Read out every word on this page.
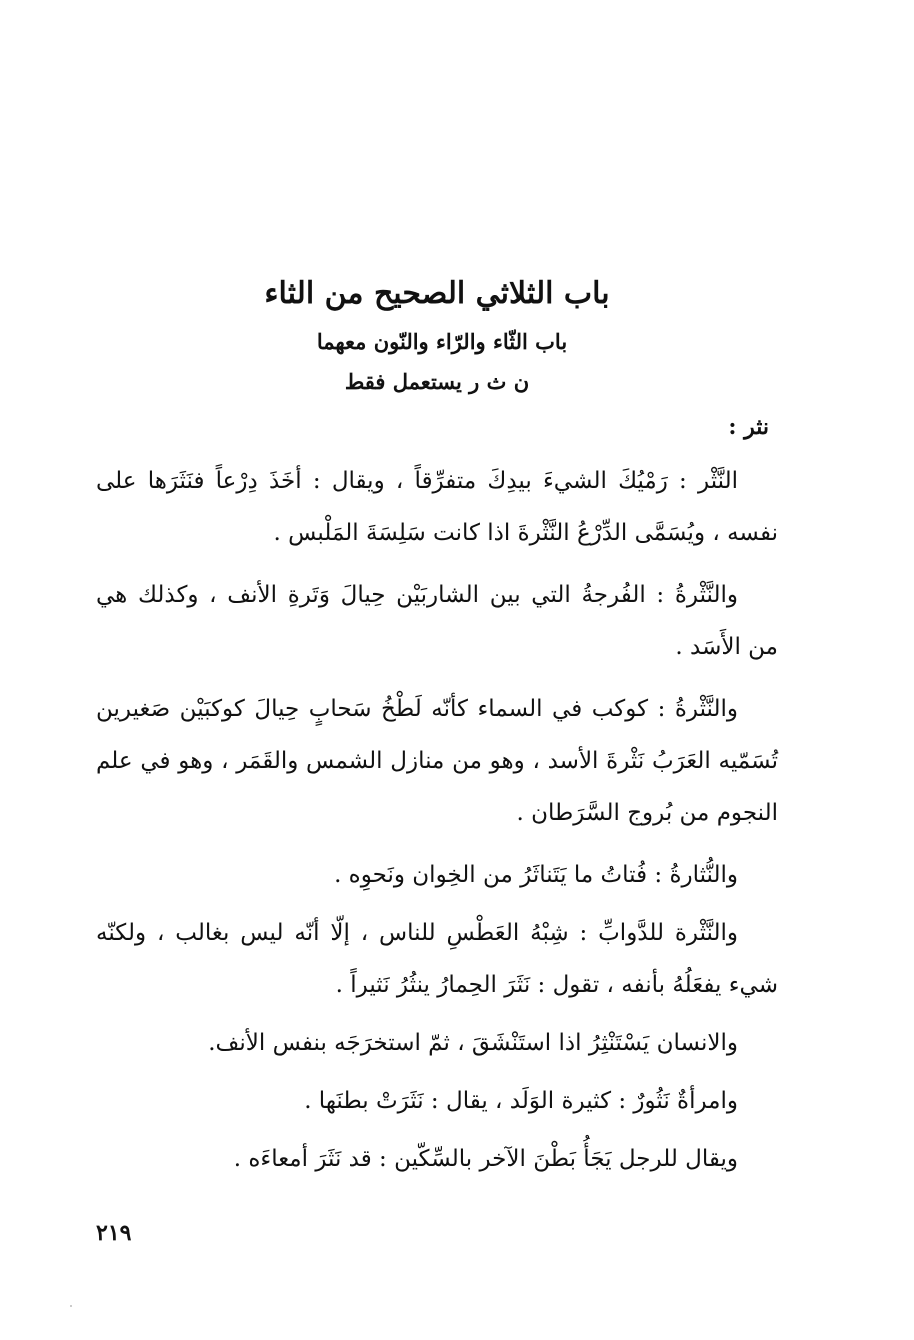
باب الثلاثي الصحيح من الثاء
باب الثّاء والرّاء والنّون معهما
ن ث ر يستعمل فقط
نثر :

النَّثْر : رَمْيُكَ الشيءَ بيدِكَ متفرِّقاً ، ويقال : أخَذَ دِرْعاً فنَثَرَها على نفسه ، ويُسَمَّى الدِّرْعُ النَّثْرةَ اذا كانت سَلِسَةَ المَلْبس .

والنَّثْرةُ : الفُرجةُ التي بين الشاربَيْن حِيالَ وَتَرةِ الأنف ، وكذلك هي من الأَسَد .

والنَّثْرةُ : كوكب في السماء كأنّه لَطْخُ سَحابٍ حِيالَ كوكبَيْن صَغيرين تُسَمّيه العَرَبُ نَثْرةَ الأسد ، وهو من منازل الشمس والقَمَر ، وهو في علم النجوم من بُروج السَّرَطان .

والنُّثارةُ : فُتاتُ ما يَتَناثَرُ من الخِوان ونَحوِه .

والنَّثْرة للدَّوابِّ : شِبْهُ العَطْسِ للناس ، إلّا أنّه ليس بغالب ، ولكنّه شيء يفعَلُهُ بأنفه ، تقول : نَثَرَ الحِمارُ ينثُرُ نَثيراً .

والانسان يَسْتَنْثِرُ اذا استَنْشَقَ ، ثمّ استخرَجَه بنفس الأنف.

وامرأةٌ نَثُورٌ : كثيرة الوَلَد ، يقال : نَثَرَتْ بطنَها .

ويقال للرجل يَجَأُ بَطْنَ الآخر بالسِّكّين : قد نَثَرَ أمعاءَه .

٢١٩
